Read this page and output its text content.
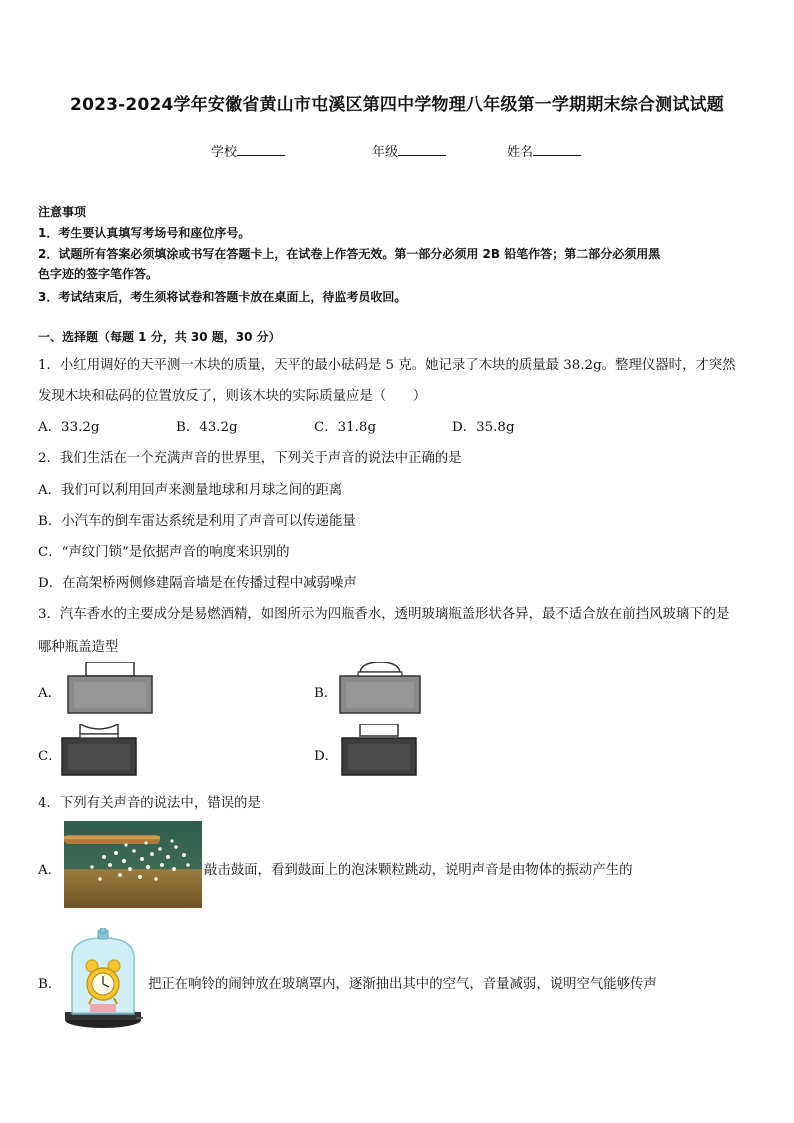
2023-2024学年安徽省黄山市屯溪区第四中学物理八年级第一学期期末综合测试试题
学校	年级	姓名
注意事项
1．考生要认真填写考场号和座位序号。
2．试题所有答案必须填涂或书写在答题卡上，在试卷上作答无效。第一部分必须用 2B 铅笔作答；第二部分必须用黑
色字迹的签字笔作答。
3．考试结束后，考生须将试卷和答题卡放在桌面上，待监考员收回。
一、选择题（每题 1 分，共 30 题，30 分）
1．小红用调好的天平测一木块的质量，天平的最小砝码是 5 克。她记录了木块的质量最 38.2g。整理仪器时，才突然
发现木块和砝码的位置放反了，则该木块的实际质量应是（　　）
A．33.2g	B．43.2g	C．31.8g	D．35.8g
2．我们生活在一个充满声音的世界里，下列关于声音的说法中正确的是
A．我们可以利用回声来测量地球和月球之间的距离
B．小汽车的倒车雷达系统是利用了声音可以传递能量
C．“声纹门锁”是依据声音的响度来识别的
D．在高架桥两侧修建隔音墙是在传播过程中减弱噪声
3．汽车香水的主要成分是易燃酒精，如图所示为四瓶香水，透明玻璃瓶盖形状各异，最不适合放在前挡风玻璃下的是
哪种瓶盖造型
A．	B．
C．	D．
4．下列有关声音的说法中，错误的是
A．	敲击鼓面，看到鼓面上的泡沫颗粒跳动，说明声音是由物体的振动产生的
B．	把正在响铃的闹钟放在玻璃罩内，逐渐抽出其中的空气，音量减弱，说明空气能够传声
